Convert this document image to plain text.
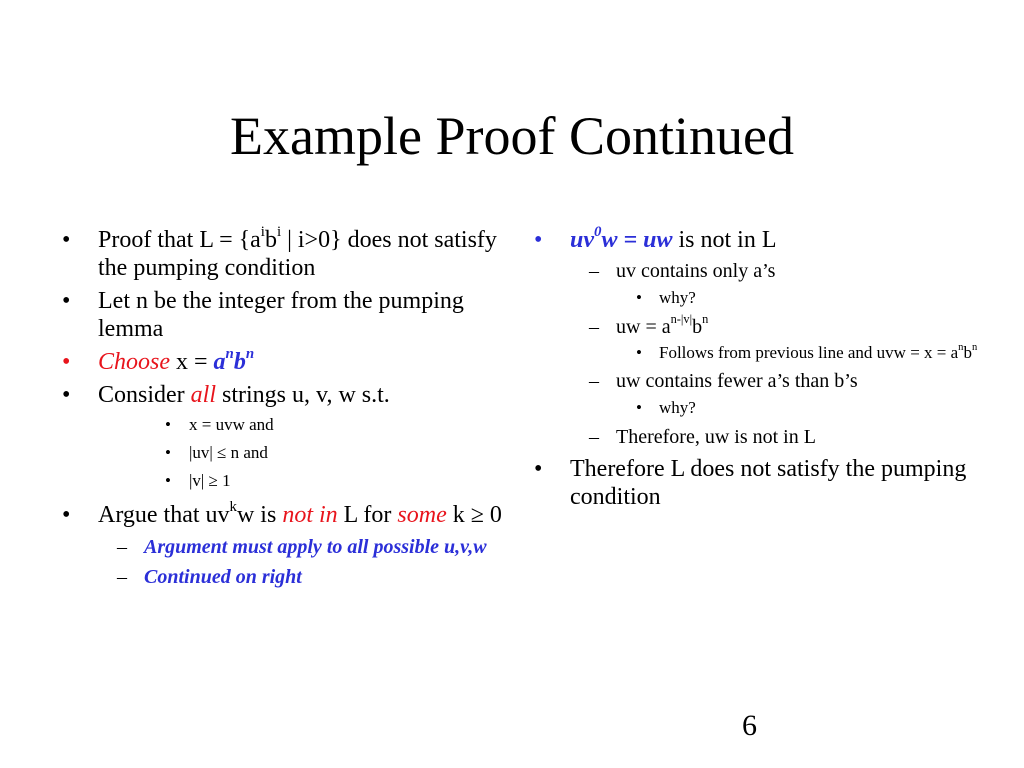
Example Proof Continued
• Proof that $L = \{a^ib^i$ | i>0} does not satisfy the pumping condition
• Let n be the integer from the pumping lemma
• Choose $x = a^nb^n$
• Consider all strings u, v, w s.t.
• x = uvw and
• |uv| ≤ n and
• |v| ≥ 1
• Argue that $uv^kw$ is not in L for some k ≥ 0
– Argument must apply to all possible u,v,w
– Continued on right
• $uv^0w$ = uw is not in L
– uv contains only a’s
• why?
– uw = $a^{n-|v|}b^n$
• Follows from previous line and uvw = $x = a^nb^n$
– uw contains fewer a’s than b’s
• why?
– Therefore, uw is not in L
• Therefore L does not satisfy the pumping condition
6
